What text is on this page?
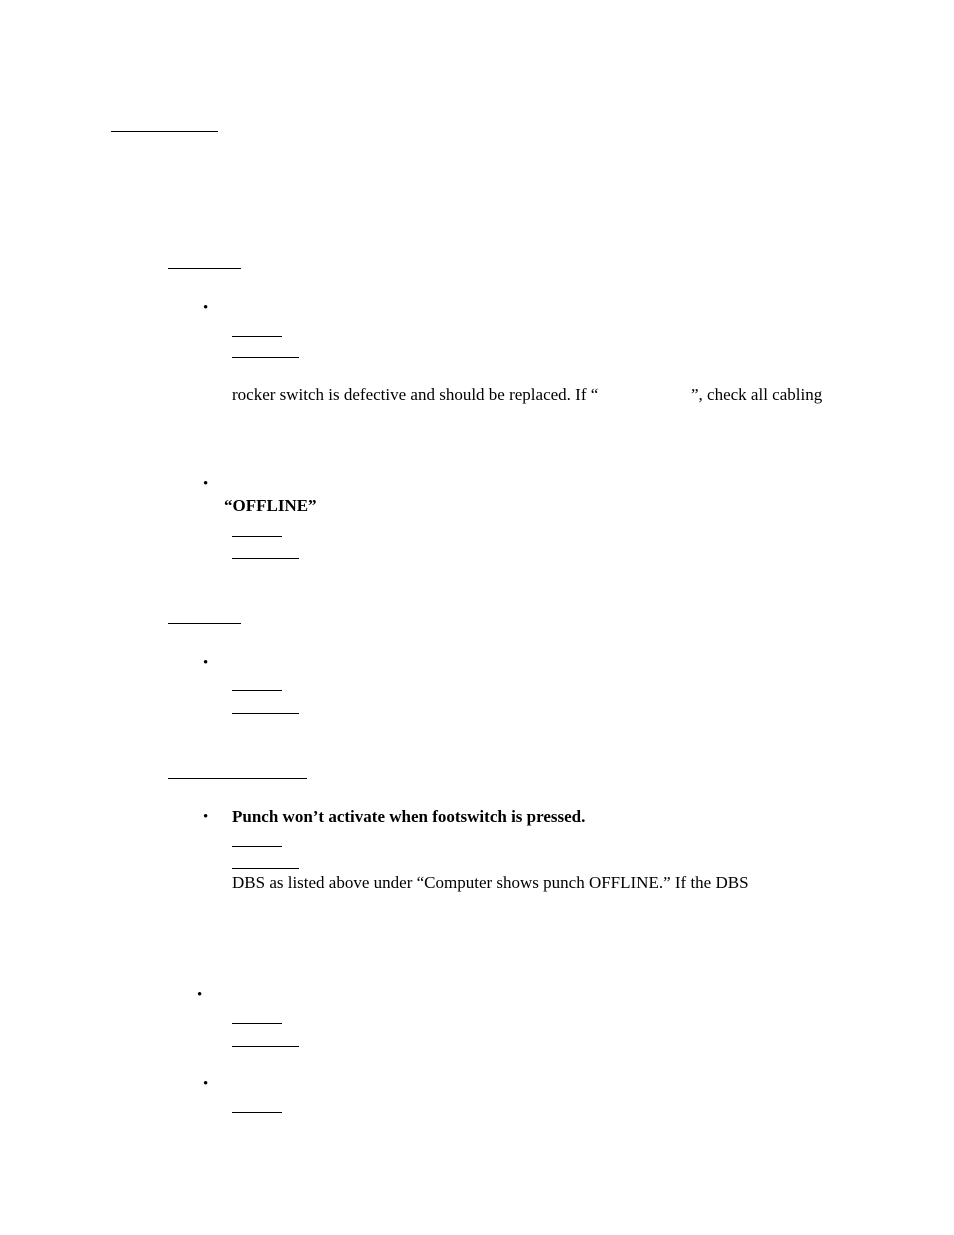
•
rocker switch is defective and should be replaced. If “	”, check all cabling
•
“OFFLINE”
•
• Punch won’t activate when footswitch is pressed.
DBS as listed above under “Computer shows punch OFFLINE.” If the DBS
•
•
